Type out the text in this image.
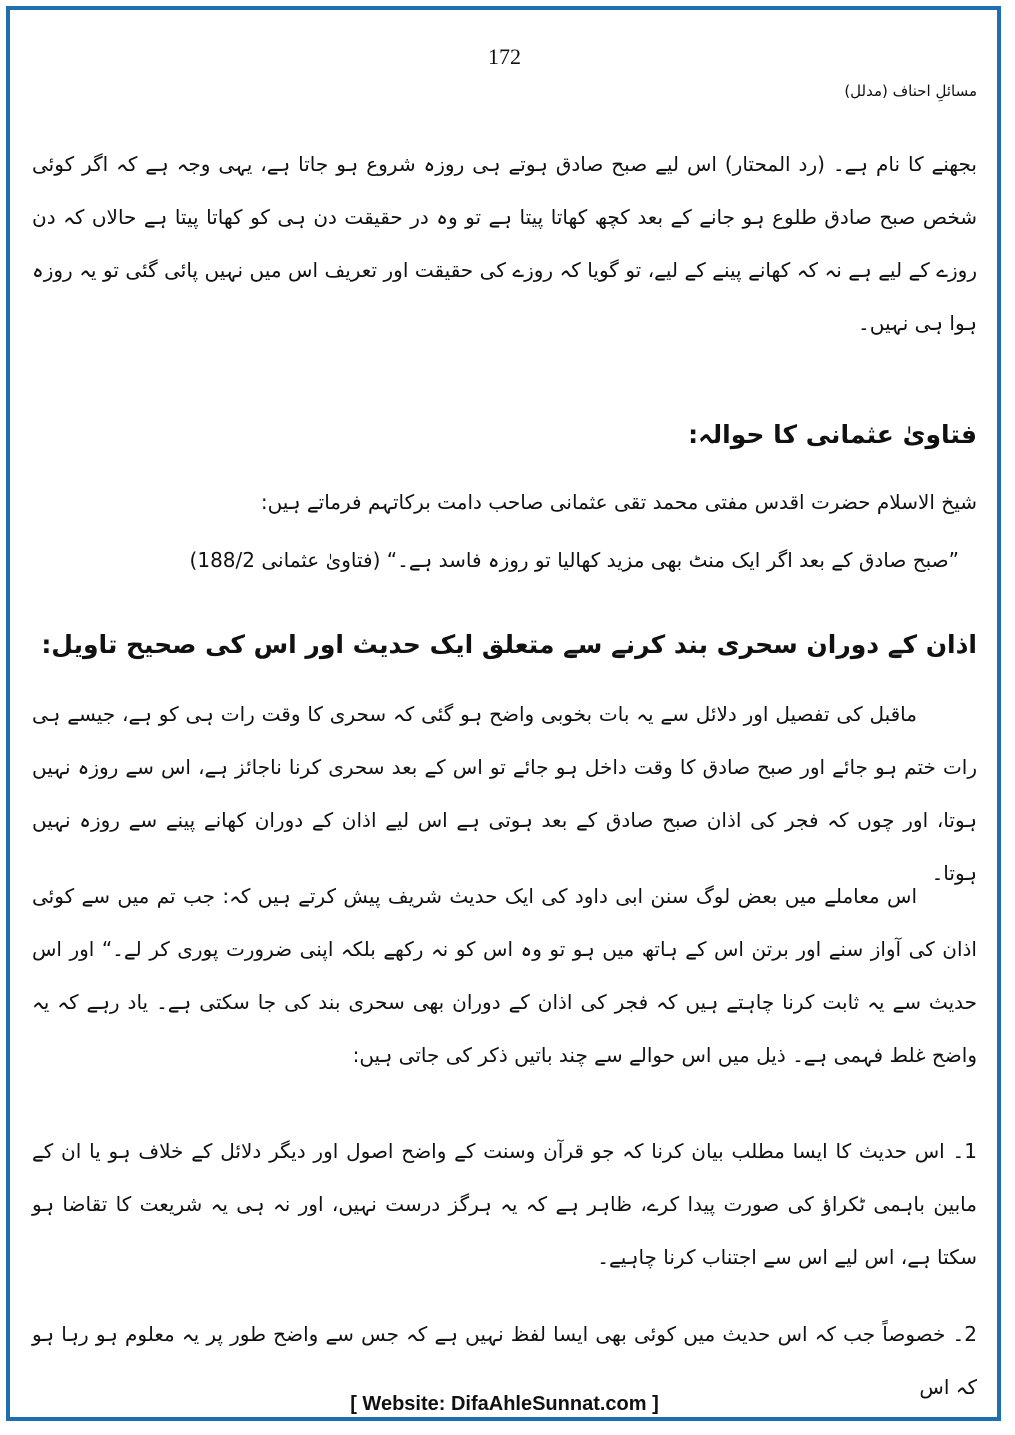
172
مسائلِ احناف (مدلل)

بجھنے کا نام ہے۔ (رد المحتار) اس لیے صبح صادق ہوتے ہی روزہ شروع ہو جاتا ہے، یہی وجہ ہے کہ اگر کوئی شخص صبح صادق طلوع ہو جانے کے بعد کچھ کھاتا پیتا ہے تو وہ در حقیقت دن ہی کو کھاتا پیتا ہے حالاں کہ دن روزے کے لیے ہے نہ کہ کھانے پینے کے لیے، تو گویا کہ روزے کی حقیقت اور تعریف اس میں نہیں پائی گئی تو یہ روزہ ہوا ہی نہیں۔

فتاویٰ عثمانی کا حوالہ:
شیخ الاسلام حضرت اقدس مفتی محمد تقی عثمانی صاحب دامت برکاتہم فرماتے ہیں:
”صبح صادق کے بعد اگر ایک منٹ بھی مزید کھالیا تو روزہ فاسد ہے۔“ (فتاویٰ عثمانی 188/2)
اذان کے دوران سحری بند کرنے سے متعلق ایک حدیث اور اس کی صحیح تاویل:

ماقبل کی تفصیل اور دلائل سے یہ بات بخوبی واضح ہو گئی کہ سحری کا وقت رات ہی کو ہے، جیسے ہی رات ختم ہو جائے اور صبح صادق کا وقت داخل ہو جائے تو اس کے بعد سحری کرنا ناجائز ہے، اس سے روزہ نہیں ہوتا، اور چوں کہ فجر کی اذان صبح صادق کے بعد ہوتی ہے اس لیے اذان کے دوران کھانے پینے سے روزہ نہیں ہوتا۔

اس معاملے میں بعض لوگ سنن ابی داود کی ایک حدیث شریف پیش کرتے ہیں کہ: جب تم میں سے کوئی اذان کی آواز سنے اور برتن اس کے ہاتھ میں ہو تو وہ اس کو نہ رکھے بلکہ اپنی ضرورت پوری کر لے۔“ اور اس حدیث سے یہ ثابت کرنا چاہتے ہیں کہ فجر کی اذان کے دوران بھی سحری بند کی جا سکتی ہے۔ یاد رہے کہ یہ واضح غلط فہمی ہے۔ ذیل میں اس حوالے سے چند باتیں ذکر کی جاتی ہیں:

1۔ اس حدیث کا ایسا مطلب بیان کرنا کہ جو قرآن وسنت کے واضح اصول اور دیگر دلائل کے خلاف ہو یا ان کے مابین باہمی ٹکراؤ کی صورت پیدا کرے، ظاہر ہے کہ یہ ہرگز درست نہیں، اور نہ ہی یہ شریعت کا تقاضا ہو سکتا ہے، اس لیے اس سے اجتناب کرنا چاہیے۔

2۔ خصوصاً جب کہ اس حدیث میں کوئی بھی ایسا لفظ نہیں ہے کہ جس سے واضح طور پر یہ معلوم ہو رہا ہو کہ اس

[ Website: DifaAhleSunnat.com ]
